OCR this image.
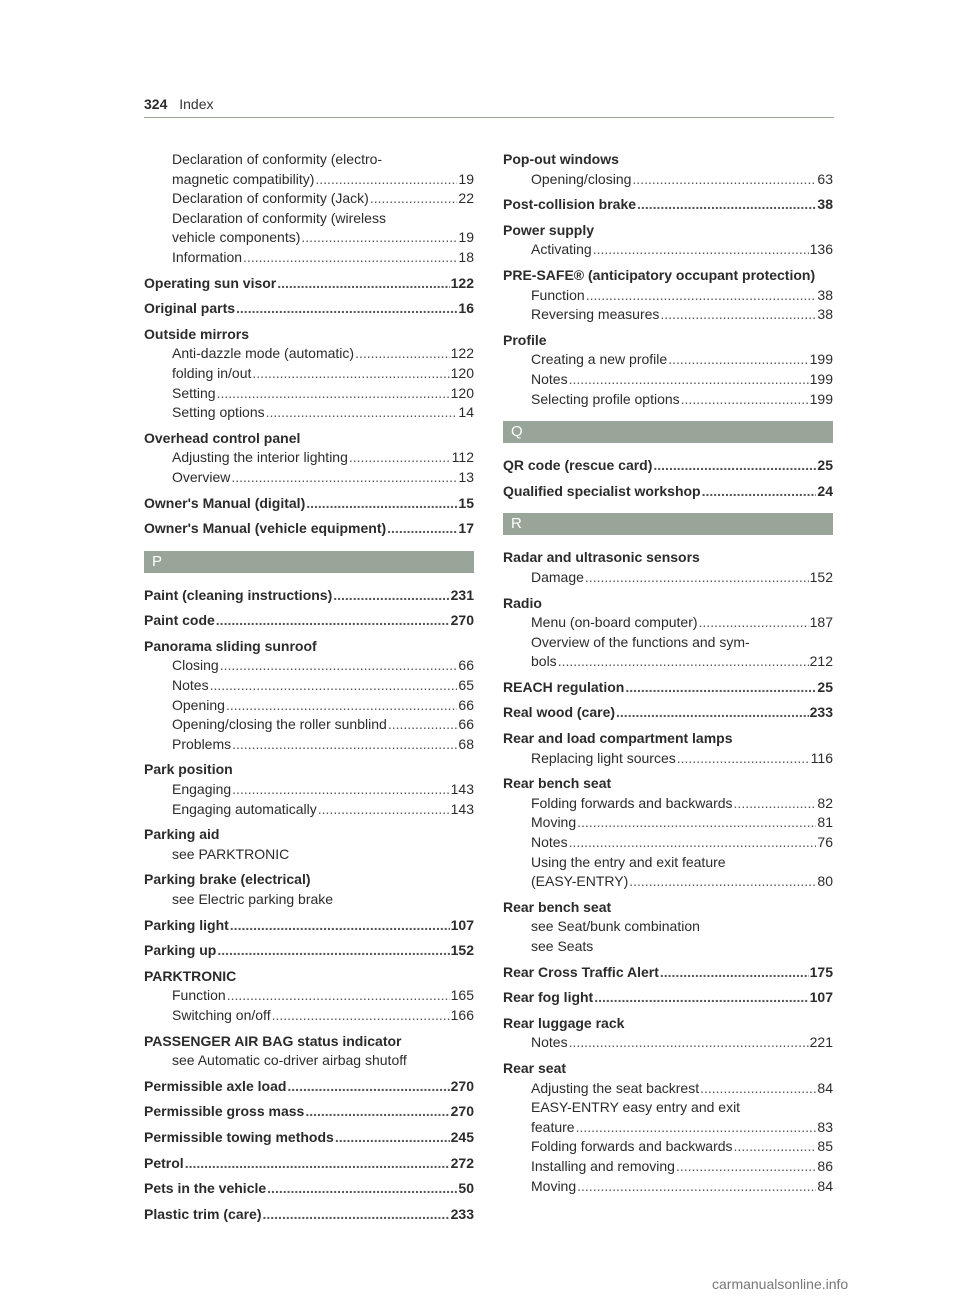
324 Index
Declaration of conformity (electro-
magnetic compatibility) .....	19
Declaration of conformity (Jack) .....	22
Declaration of conformity (wireless
vehicle components) .....	19
Information .....	18
Operating sun visor .....	122
Original parts .....	16
Outside mirrors
Anti-dazzle mode (automatic) .....	122
folding in/out .....	120
Setting .....	120
Setting options .....	14
Overhead control panel
Adjusting the interior lighting .....	112
Overview .....	13
Owner's Manual (digital) .....	15
Owner's Manual (vehicle equipment) .....	17
P
Paint (cleaning instructions) .....	231
Paint code .....	270
Panorama sliding sunroof
Closing .....	66
Notes .....	65
Opening .....	66
Opening/closing the roller sunblind .....	66
Problems .....	68
Park position
Engaging .....	143
Engaging automatically .....	143
Parking aid
see PARKTRONIC
Parking brake (electrical)
see Electric parking brake
Parking light .....	107
Parking up .....	152
PARKTRONIC
Function .....	165
Switching on/off .....	166
PASSENGER AIR BAG status indicator
see Automatic co-driver airbag shutoff
Permissible axle load .....	270
Permissible gross mass .....	270
Permissible towing methods .....	245
Petrol .....	272
Pets in the vehicle .....	50
Plastic trim (care) .....	233
Pop-out windows
Opening/closing .....	63
Post-collision brake .....	38
Power supply
Activating .....	136
PRE-SAFE® (anticipatory occupant protection)
Function .....	38
Reversing measures .....	38
Profile
Creating a new profile .....	199
Notes .....	199
Selecting profile options .....	199
Q
QR code (rescue card) .....	25
Qualified specialist workshop .....	24
R
Radar and ultrasonic sensors
Damage .....	152
Radio
Menu (on-board computer) .....	187
Overview of the functions and sym-
bols .....	212
REACH regulation .....	25
Real wood (care) .....	233
Rear and load compartment lamps
Replacing light sources .....	116
Rear bench seat
Folding forwards and backwards .....	82
Moving .....	81
Notes .....	76
Using the entry and exit feature
(EASY-ENTRY) .....	80
Rear bench seat
see Seat/bunk combination
see Seats
Rear Cross Traffic Alert .....	175
Rear fog light .....	107
Rear luggage rack
Notes .....	221
Rear seat
Adjusting the seat backrest .....	84
EASY-ENTRY easy entry and exit
feature .....	83
Folding forwards and backwards .....	85
Installing and removing .....	86
Moving .....	84
carmanualsonline.info
